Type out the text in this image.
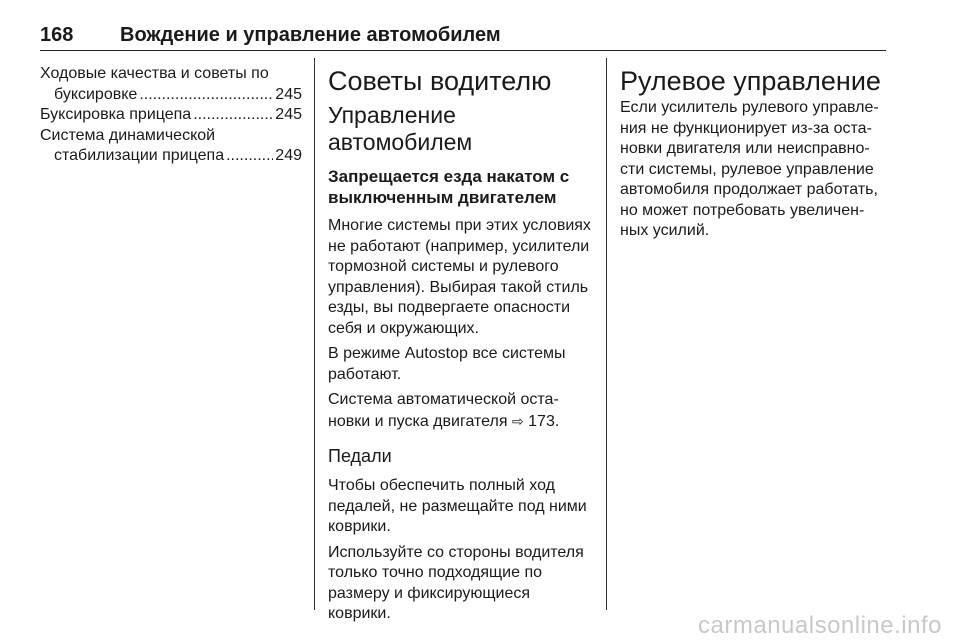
168 Вождение и управление автомобилем
Ходовые качества и советы по
буксировке .....	245
Буксировка прицепа .....	245
Система динамической
стабилизации прицепа .....	249
Советы водителю
Управление автомобилем
Запрещается езда накатом с выключенным двигателем

Многие системы при этих условиях не работают (например, усилители тормозной системы и рулевого управления). Выбирая такой стиль езды, вы подвергаете опасности себя и окружающих.

В режиме Autostop все системы работают.

Система автоматической остановки и пуска двигателя ⇨ 173.

Педали

Чтобы обеспечить полный ход педалей, не размещайте под ними коврики.

Используйте со стороны водителя только точно подходящие по размеру и фиксирующиеся коврики.

Рулевое управление

Если усилитель рулевого управления не функционирует из-за остановки двигателя или неисправности системы, рулевое управление автомобиля продолжает работать, но может потребовать увеличенных усилий.

carmanualsonline.info
